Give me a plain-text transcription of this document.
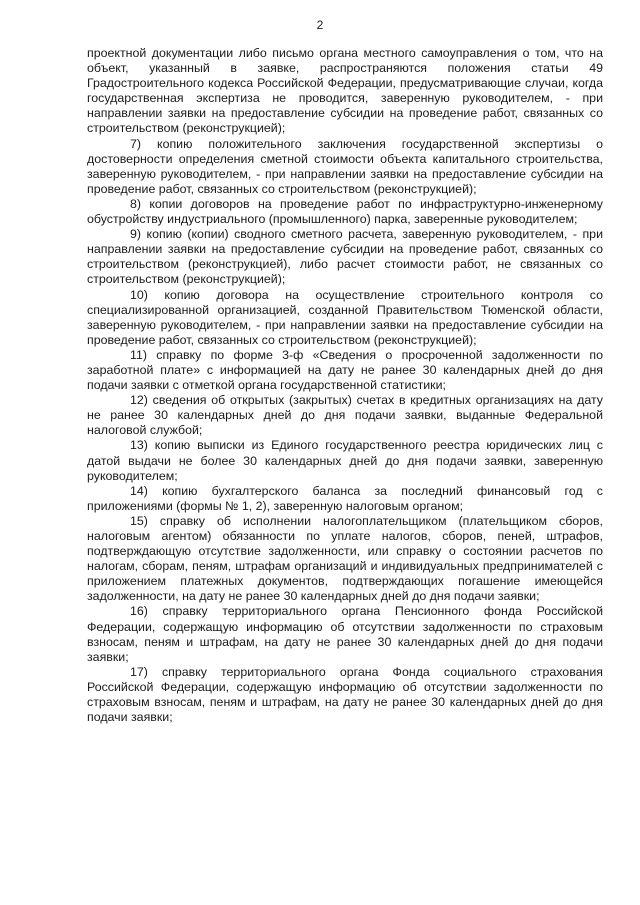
2

проектной документации либо письмо органа местного самоуправления о том, что на объект, указанный в заявке, распространяются положения статьи 49 Градостроительного кодекса Российской Федерации, предусматривающие случаи, когда государственная экспертиза не проводится, заверенную руководителем, - при направлении заявки на предоставление субсидии на проведение работ, связанных со строительством (реконструкцией);

7) копию положительного заключения государственной экспертизы о достоверности определения сметной стоимости объекта капитального строительства, заверенную руководителем, - при направлении заявки на предоставление субсидии на проведение работ, связанных со строительством (реконструкцией);

8) копии договоров на проведение работ по инфраструктурно-инженерному обустройству индустриального (промышленного) парка, заверенные руководителем;

9) копию (копии) сводного сметного расчета, заверенную руководителем, - при направлении заявки на предоставление субсидии на проведение работ, связанных со строительством (реконструкцией), либо расчет стоимости работ, не связанных со строительством (реконструкцией);

10) копию договора на осуществление строительного контроля со специализированной организацией, созданной Правительством Тюменской области, заверенную руководителем, - при направлении заявки на предоставление субсидии на проведение работ, связанных со строительством (реконструкцией);

11) справку по форме 3-ф «Сведения о просроченной задолженности по заработной плате» с информацией на дату не ранее 30 календарных дней до дня подачи заявки с отметкой органа государственной статистики;

12) сведения об открытых (закрытых) счетах в кредитных организациях на дату не ранее 30 календарных дней до дня подачи заявки, выданные Федеральной налоговой службой;

13) копию выписки из Единого государственного реестра юридических лиц с датой выдачи не более 30 календарных дней до дня подачи заявки, заверенную руководителем;

14) копию бухгалтерского баланса за последний финансовый год с приложениями (формы № 1, 2), заверенную налоговым органом;

15) справку об исполнении налогоплательщиком (плательщиком сборов, налоговым агентом) обязанности по уплате налогов, сборов, пеней, штрафов, подтверждающую отсутствие задолженности, или справку о состоянии расчетов по налогам, сборам, пеням, штрафам организаций и индивидуальных предпринимателей с приложением платежных документов, подтверждающих погашение имеющейся задолженности, на дату не ранее 30 календарных дней до дня подачи заявки;

16) справку территориального органа Пенсионного фонда Российской Федерации, содержащую информацию об отсутствии задолженности по страховым взносам, пеням и штрафам, на дату не ранее 30 календарных дней до дня подачи заявки;

17) справку территориального органа Фонда социального страхования Российской Федерации, содержащую информацию об отсутствии задолженности по страховым взносам, пеням и штрафам, на дату не ранее 30 календарных дней до дня подачи заявки;
